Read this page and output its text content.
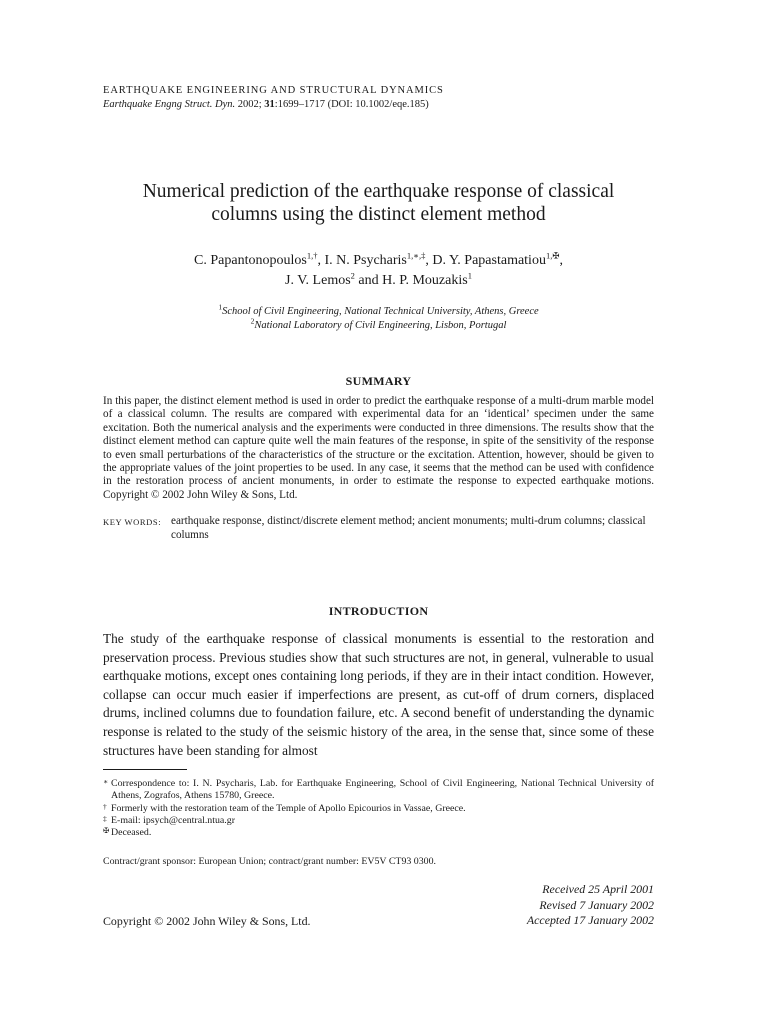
EARTHQUAKE ENGINEERING AND STRUCTURAL DYNAMICS

Earthquake Engng Struct. Dyn. 2002; 31:1699–1717 (DOI: 10.1002/eqe.185)

Numerical prediction of the earthquake response of classical
columns using the distinct element method
C. Papantonopoulos$^{1,\dagger}$, I. N. Psycharis$^{1,∗,\ddagger}$, D. Y. Papastamatiou$^{1,✠}$,
J. V. Lemos$^2$ and H. P. Mouzakis$^1$
$^1$School of Civil Engineering, National Technical University, Athens, Greece
$^2$National Laboratory of Civil Engineering, Lisbon, Portugal
SUMMARY

In this paper, the distinct element method is used in order to predict the earthquake response of a multi-drum marble model of a classical column. The results are compared with experimental data for an ‘identical’ specimen under the same excitation. Both the numerical analysis and the experiments were conducted in three dimensions. The results show that the distinct element method can capture quite well the main features of the response, in spite of the sensitivity of the response to even small perturbations of the characteristics of the structure or the excitation. Attention, however, should be given to the appropriate values of the joint properties to be used. In any case, it seems that the method can be used with confidence in the restoration process of ancient monuments, in order to estimate the response to expected earthquake motions. Copyright © 2002 John Wiley & Sons, Ltd.

KEY WORDS: earthquake response, distinct/discrete element method; ancient monuments; multi-drum columns; classical columns
INTRODUCTION

The study of the earthquake response of classical monuments is essential to the restoration and preservation process. Previous studies show that such structures are not, in general, vulnerable to usual earthquake motions, except ones containing long periods, if they are in their intact condition. However, collapse can occur much easier if imperfections are present, as cut-off of drum corners, displaced drums, inclined columns due to foundation failure, etc. A second benefit of understanding the dynamic response is related to the study of the seismic history of the area, in the sense that, since some of these structures have been standing for almost

∗ Correspondence to: I. N. Psycharis, Lab. for Earthquake Engineering, School of Civil Engineering, National Technical University of Athens, Zografos, Athens 15780, Greece.
† Formerly with the restoration team of the Temple of Apollo Epicourios in Vassae, Greece.
‡ E-mail: ipsych@central.ntua.gr
✠ Deceased.

Contract/grant sponsor: European Union; contract/grant number: EV5V CT93 0300.

Received 25 April 2001
Revised 7 January 2002
Accepted 17 January 2002
Copyright © 2002 John Wiley & Sons, Ltd.
